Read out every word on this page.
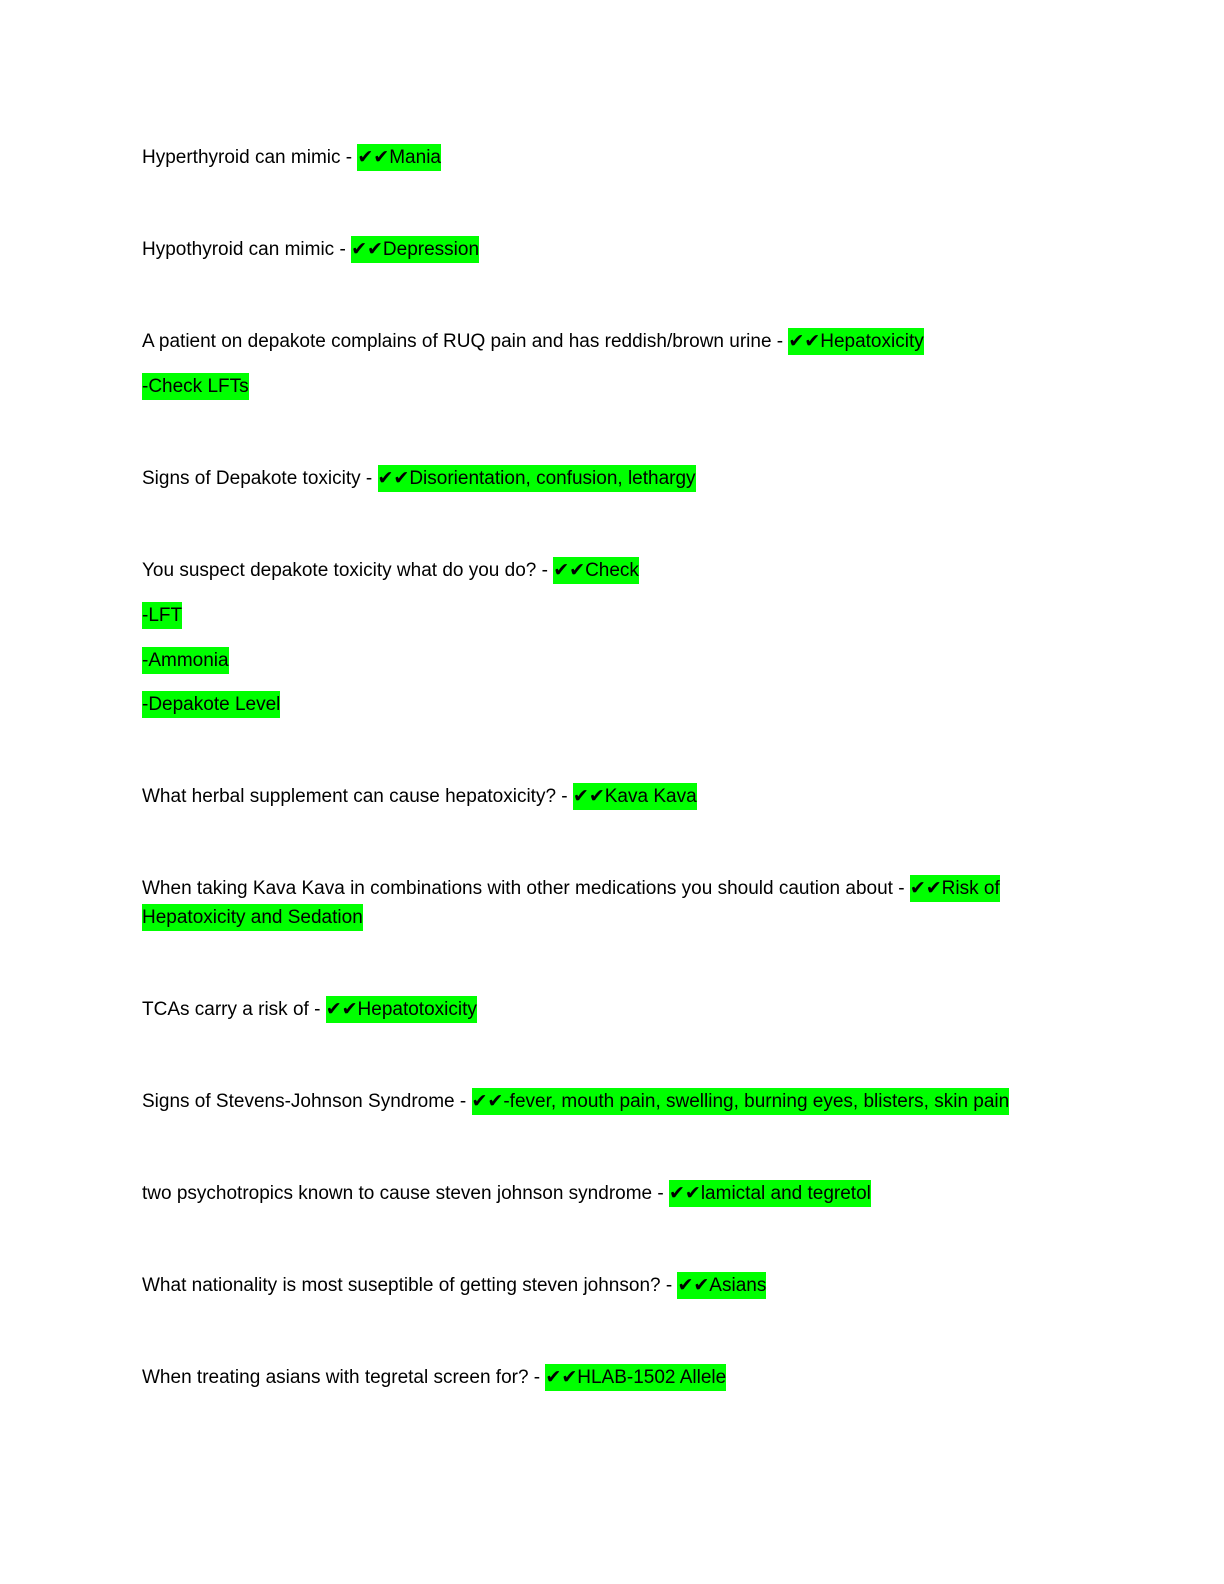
Hyperthyroid can mimic - ✔✔Mania
Hypothyroid can mimic - ✔✔Depression
A patient on depakote complains of RUQ pain and has reddish/brown urine - ✔✔Hepatoxicity
-Check LFTs
Signs of Depakote toxicity - ✔✔Disorientation, confusion, lethargy
You suspect depakote toxicity what do you do? - ✔✔Check
-LFT
-Ammonia
-Depakote Level
What herbal supplement can cause hepatoxicity? - ✔✔Kava Kava
When taking Kava Kava in combinations with other medications you should caution about - ✔✔Risk of
Hepatoxicity and Sedation
TCAs carry a risk of - ✔✔Hepatotoxicity
Signs of Stevens-Johnson Syndrome - ✔✔-fever, mouth pain, swelling, burning eyes, blisters, skin pain
two psychotropics known to cause steven johnson syndrome - ✔✔lamictal and tegretol
What nationality is most suseptible of getting steven johnson? - ✔✔Asians
When treating asians with tegretal screen for? - ✔✔HLAB-1502 Allele
